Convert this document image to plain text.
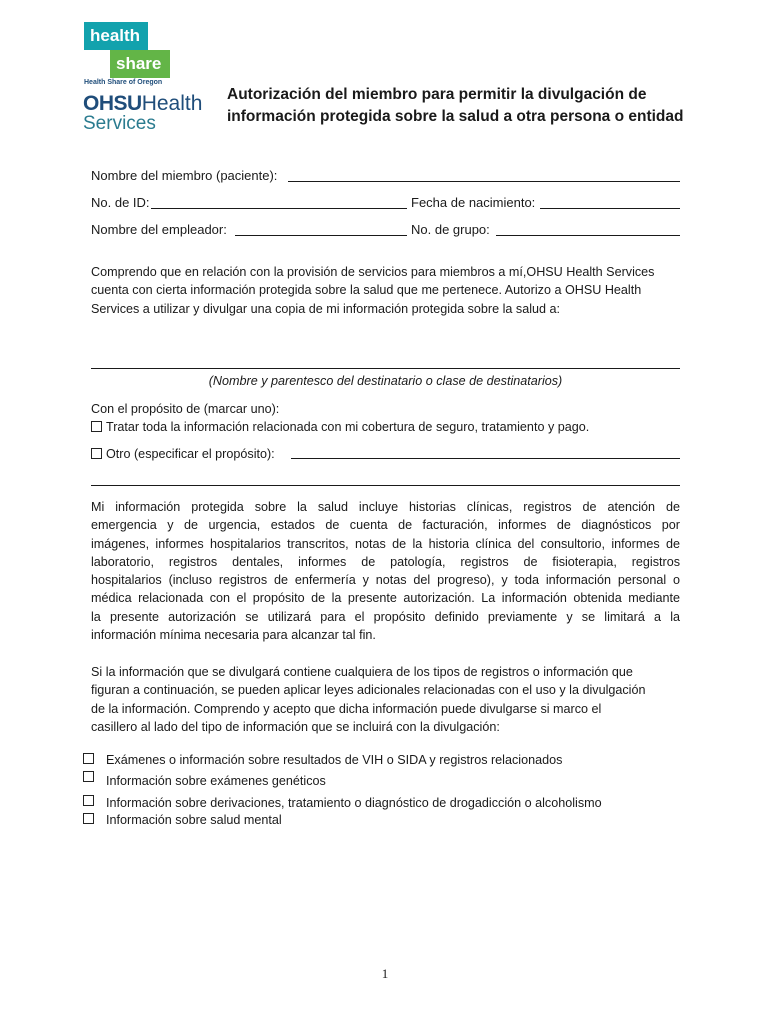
health
share
Health Share of Oregon
OHSUHealth
Services
Autorización del miembro para permitir la divulgación de
información protegida sobre la salud a otra persona o entidad
Nombre del miembro (paciente):
No. de ID:	Fecha de nacimiento:
Nombre del empleador:	No. de grupo:
Comprendo que en relación con la provisión de servicios para miembros a mí,OHSU Health Services
cuenta con cierta información protegida sobre la salud que me pertenece. Autorizo a OHSU Health
Services a utilizar y divulgar una copia de mi información protegida sobre la salud a:
(Nombre y parentesco del destinatario o clase de destinatarios)
Con el propósito de (marcar uno):
Tratar toda la información relacionada con mi cobertura de seguro, tratamiento y pago.
Otro (especificar el propósito):
Mi información protegida sobre la salud incluye historias clínicas, registros de atención de
emergencia y de urgencia, estados de cuenta de facturación, informes de diagnósticos por
imágenes, informes hospitalarios transcritos, notas de la historia clínica del consultorio, informes de
laboratorio, registros dentales, informes de patología, registros de fisioterapia, registros
hospitalarios (incluso registros de enfermería y notas del progreso), y toda información personal o
médica relacionada con el propósito de la presente autorización. La información obtenida mediante
la presente autorización se utilizará para el propósito definido previamente y se limitará a la
información mínima necesaria para alcanzar tal fin.
Si la información que se divulgará contiene cualquiera de los tipos de registros o información que
figuran a continuación, se pueden aplicar leyes adicionales relacionadas con el uso y la divulgación
de la información. Comprendo y acepto que dicha información puede divulgarse si marco el
casillero al lado del tipo de información que se incluirá con la divulgación:
Exámenes o información sobre resultados de VIH o SIDA y registros relacionados
Información sobre exámenes genéticos
Información sobre derivaciones, tratamiento o diagnóstico de drogadicción o alcoholismo
Información sobre salud mental
1
